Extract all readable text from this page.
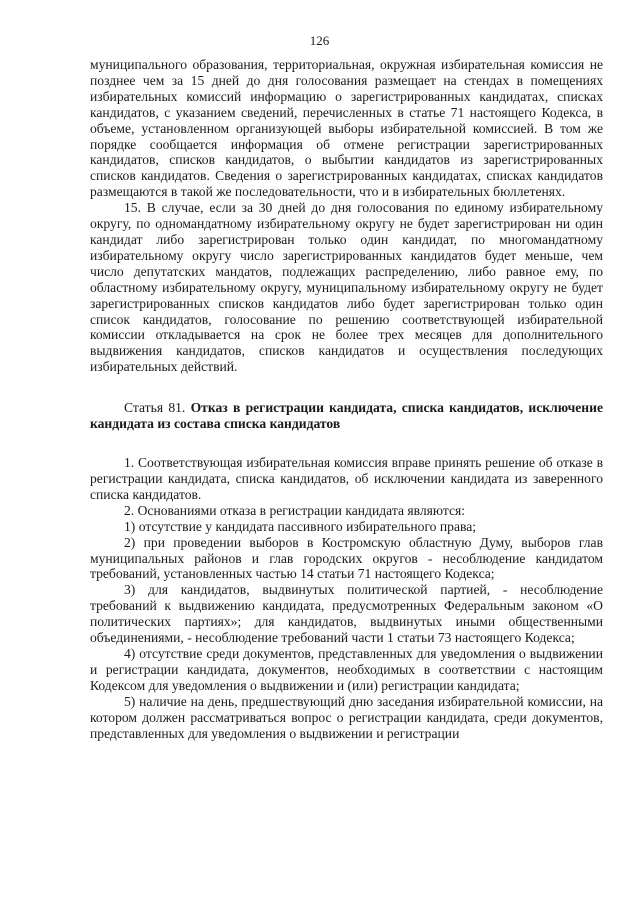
126

муниципального образования, территориальная, окружная избирательная комиссия не позднее чем за 15 дней до дня голосования размещает на стендах в помещениях избирательных комиссий информацию о зарегистрированных кандидатах, списках кандидатов, с указанием сведений, перечисленных в статье 71 настоящего Кодекса, в объеме, установленном организующей выборы избирательной комиссией. В том же порядке сообщается информация об отмене регистрации зарегистрированных кандидатов, списков кандидатов, о выбытии кандидатов из зарегистрированных списков кандидатов. Сведения о зарегистрированных кандидатах, списках кандидатов размещаются в такой же последовательности, что и в избирательных бюллетенях.

15. В случае, если за 30 дней до дня голосования по единому избирательному округу, по одномандатному избирательному округу не будет зарегистрирован ни один кандидат либо зарегистрирован только один кандидат, по многомандатному избирательному округу число зарегистрированных кандидатов будет меньше, чем число депутатских мандатов, подлежащих распределению, либо равное ему, по областному избирательному округу, муниципальному избирательному округу не будет зарегистрированных списков кандидатов либо будет зарегистрирован только один список кандидатов, голосование по решению соответствующей избирательной комиссии откладывается на срок не более трех месяцев для дополнительного выдвижения кандидатов, списков кандидатов и осуществления последующих избирательных действий.

Статья 81. Отказ в регистрации кандидата, списка кандидатов, исключение кандидата из состава списка кандидатов

1. Соответствующая избирательная комиссия вправе принять решение об отказе в регистрации кандидата, списка кандидатов, об исключении кандидата из заверенного списка кандидатов.

2. Основаниями отказа в регистрации кандидата являются:

1) отсутствие у кандидата пассивного избирательного права;

2) при проведении выборов в Костромскую областную Думу, выборов глав муниципальных районов и глав городских округов - несоблюдение кандидатом требований, установленных частью 14 статьи 71 настоящего Кодекса;

3) для кандидатов, выдвинутых политической партией, - несоблюдение требований к выдвижению кандидата, предусмотренных Федеральным законом «О политических партиях»; для кандидатов, выдвинутых иными общественными объединениями, - несоблюдение требований части 1 статьи 73 настоящего Кодекса;

4) отсутствие среди документов, представленных для уведомления о выдвижении и регистрации кандидата, документов, необходимых в соответствии с настоящим Кодексом для уведомления о выдвижении и (или) регистрации кандидата;

5) наличие на день, предшествующий дню заседания избирательной комиссии, на котором должен рассматриваться вопрос о регистрации кандидата, среди документов, представленных для уведомления о выдвижении и регистрации
